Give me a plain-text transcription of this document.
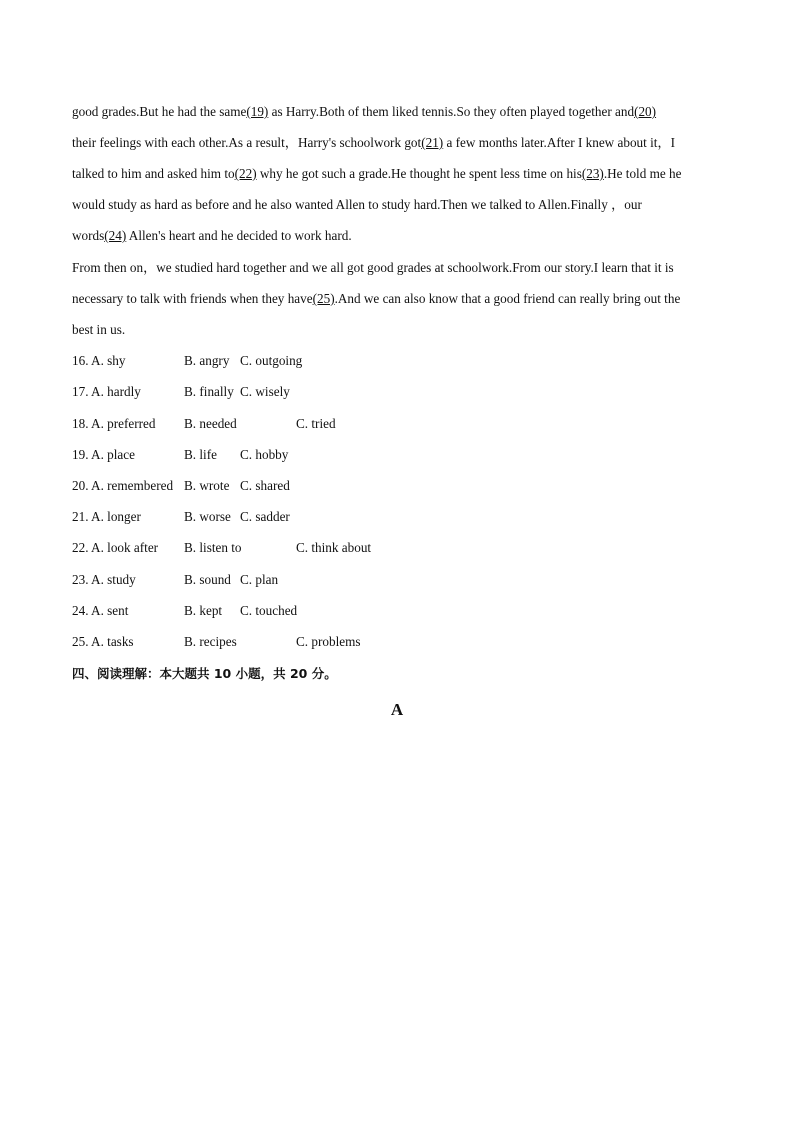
good grades.But he had the same(19) as Harry.Both of them liked tennis.So they often played together and(20)
their feelings with each other.As a result，Harry's schoolwork got(21) a few months later.After I knew about it，I
talked to him and asked him to(22) why he got such a grade.He thought he spent less time on his(23).He told me he
would study as hard as before and he also wanted Allen to study hard.Then we talked to Allen.Finally ，our
words(24) Allen's heart and he decided to work hard.
From then on，we studied hard together and we all got good grades at schoolwork.From our story.I learn that it is
necessary to talk with friends when they have(25).And we can also know that a good friend can really bring out the
best in us.
16. A. shy	B. angry C. outgoing
17. A. hardly	B. finally C. wisely
18. A. preferred B. needed	C. tried
19. A. place	B. life C. hobby
20. A. remembered B. wrote C. shared
21. A. longer	B. worse C. sadder
22. A. look after B. listen to	C. think about
23. A. study	B. sound C. plan
24. A. sent	B. kept C. touched
25. A. tasks	B. recipes	C. problems
四、阅读理解：本大题共 10 小题，共 20 分。
A
